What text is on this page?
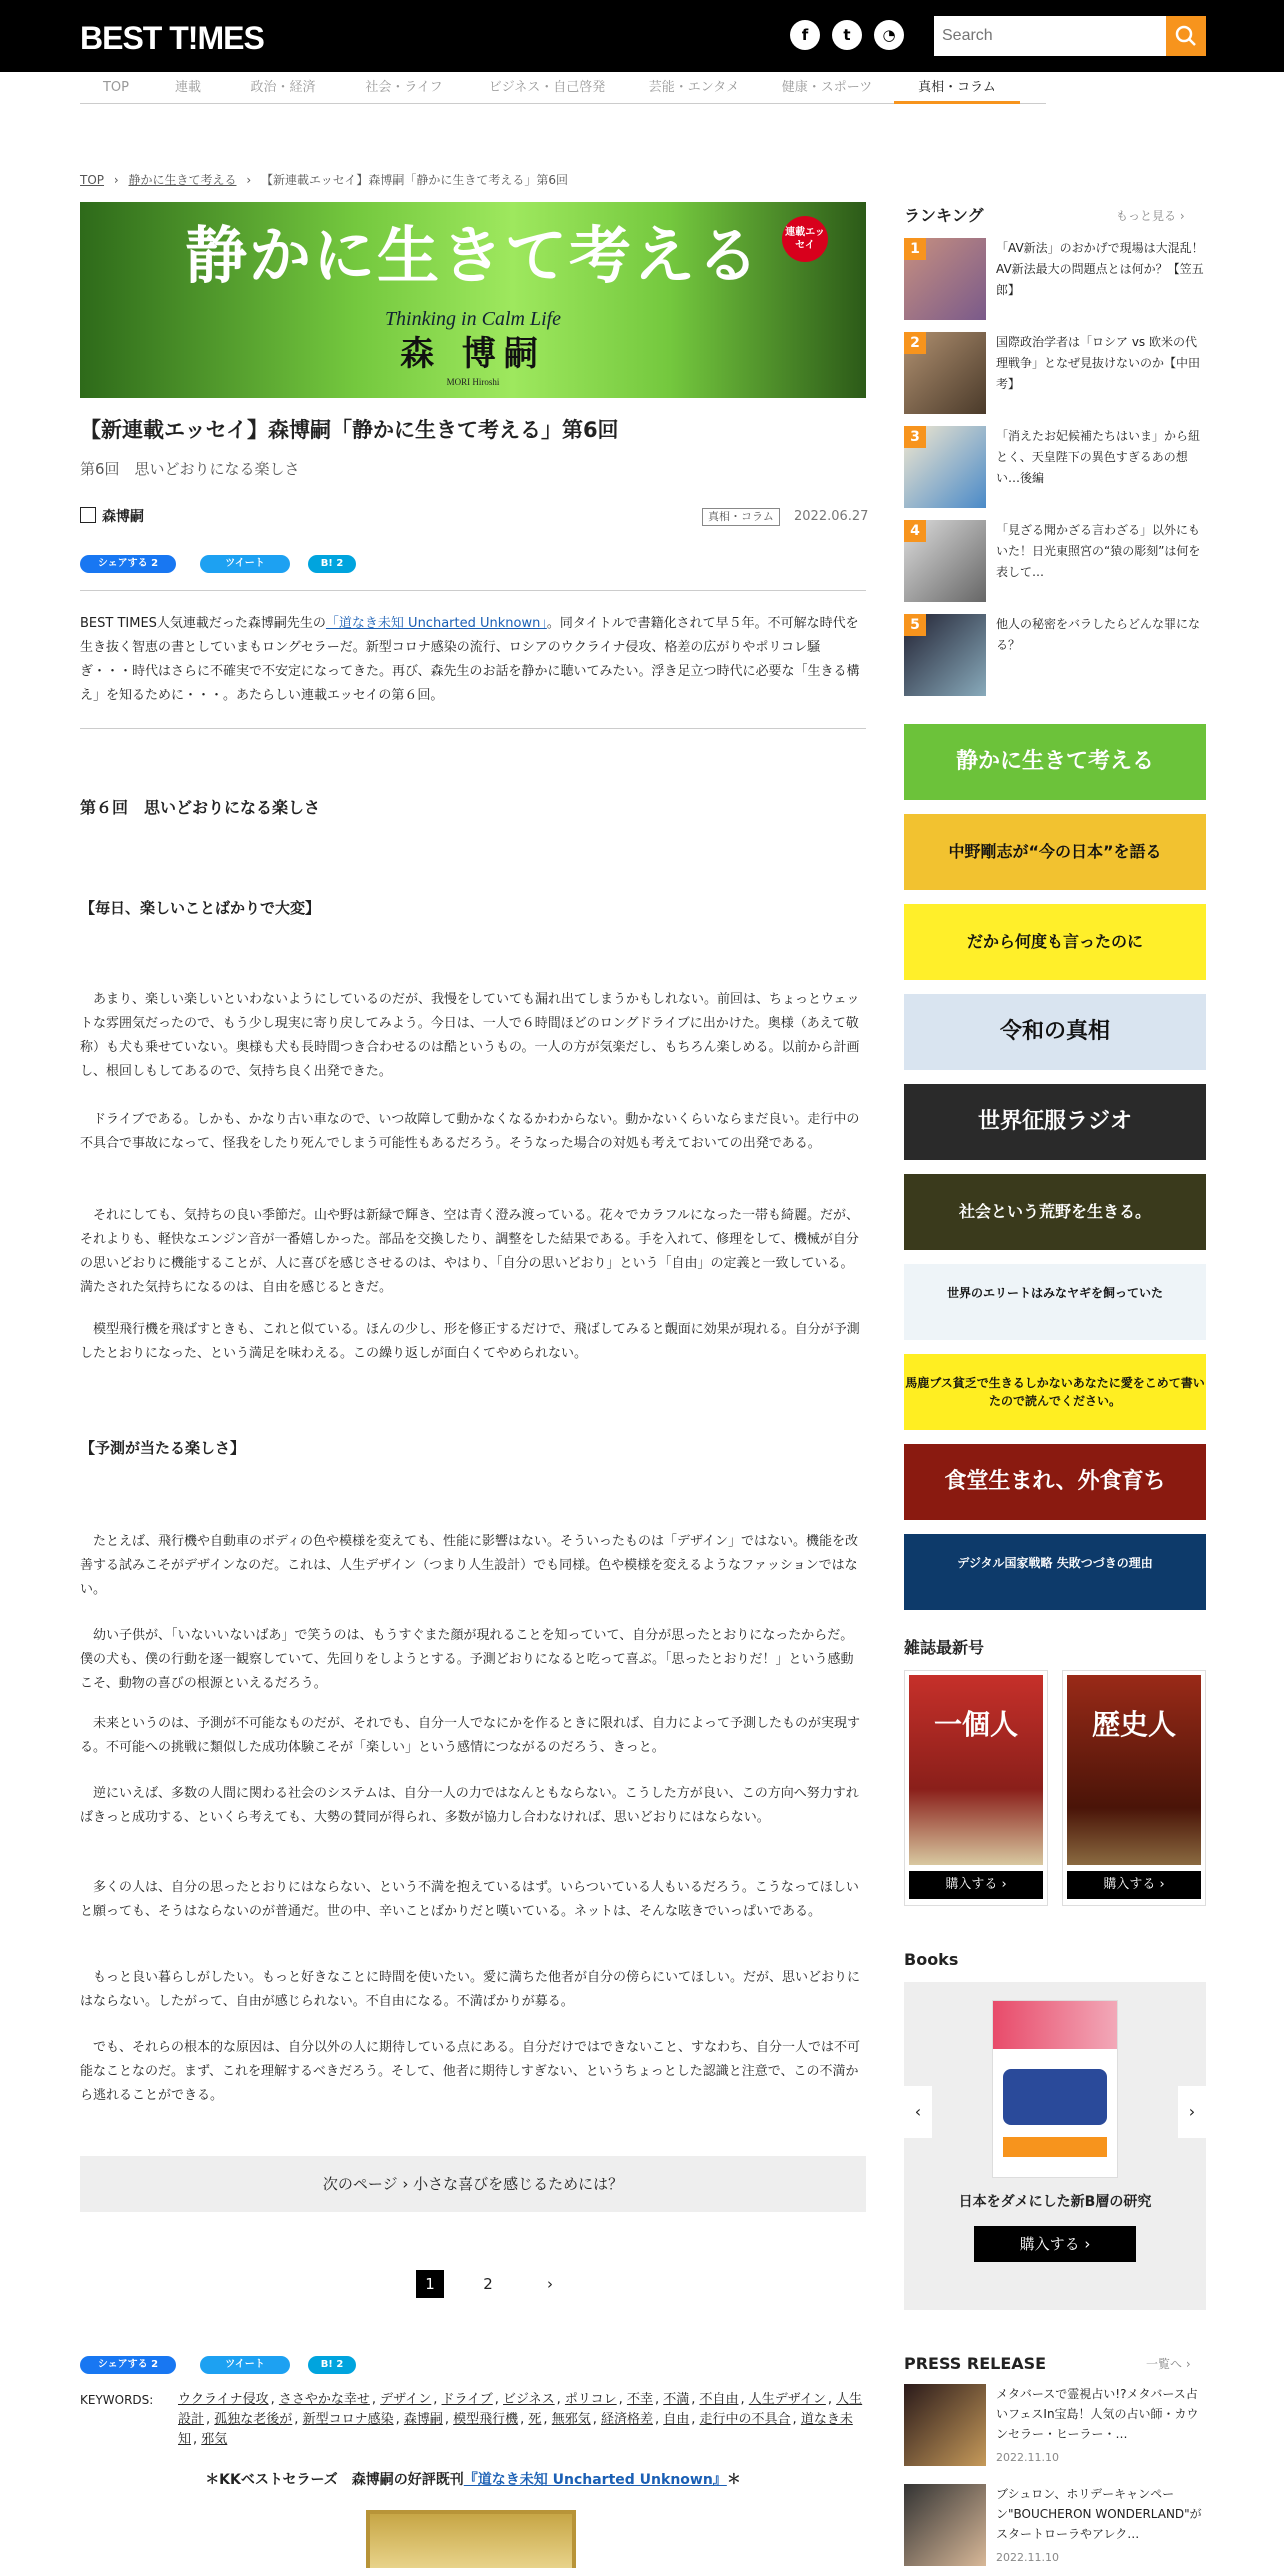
BEST T!MES	f	t	◔
Search
TOP	連載	政治・経済	社会・ライフ	ビジネス・自己啓発	芸能・エンタメ	健康・スポーツ	真相・コラム
TOP › 静かに生きて考える › 【新連載エッセイ】森博嗣「静かに生きて考える」第6回
静かに生きて考える
Thinking in Calm Life
森 博嗣
MORI Hiroshi
連載エッセイ
【新連載エッセイ】森博嗣「静かに生きて考える」第6回
第6回　思いどおりになる楽しさ
森博嗣	真相・コラム	2022.06.27
シェアする 2	ツイート	B! 2
BEST TIMES人気連載だった森博嗣先生の「道なき未知 Uncharted Unknown」。同タイトルで書籍化されて早５年。不可解な時代を生き抜く智恵の書としていまもロングセラーだ。新型コロナ感染の流行、ロシアのウクライナ侵攻、格差の広がりやポリコレ騒ぎ・・・時代はさらに不確実で不安定になってきた。再び、森先生のお話を静かに聴いてみたい。浮き足立つ時代に必要な「生きる構え」を知るために・・・。あたらしい連載エッセイの第６回。
第６回　思いどおりになる楽しさ
【毎日、楽しいことばかりで大変】
あまり、楽しい楽しいといわないようにしているのだが、我慢をしていても漏れ出てしまうかもしれない。前回は、ちょっとウェットな雰囲気だったので、もう少し現実に寄り戻してみよう。今日は、一人で６時間ほどのロングドライブに出かけた。奥様（あえて敬称）も犬も乗せていない。奥様も犬も長時間つき合わせるのは酷というもの。一人の方が気楽だし、もちろん楽しめる。以前から計画し、根回しもしてあるので、気持ち良く出発できた。
ドライブである。しかも、かなり古い車なので、いつ故障して動かなくなるかわからない。動かないくらいならまだ良い。走行中の不具合で事故になって、怪我をしたり死んでしまう可能性もあるだろう。そうなった場合の対処も考えておいての出発である。
それにしても、気持ちの良い季節だ。山や野は新緑で輝き、空は青く澄み渡っている。花々でカラフルになった一帯も綺麗。だが、それよりも、軽快なエンジン音が一番嬉しかった。部品を交換したり、調整をした結果である。手を入れて、修理をして、機械が自分の思いどおりに機能することが、人に喜びを感じさせるのは、やはり、「自分の思いどおり」という「自由」の定義と一致している。満たされた気持ちになるのは、自由を感じるときだ。
模型飛行機を飛ばすときも、これと似ている。ほんの少し、形を修正するだけで、飛ばしてみると覿面に効果が現れる。自分が予測したとおりになった、という満足を味わえる。この繰り返しが面白くてやめられない。
【予測が当たる楽しさ】
たとえば、飛行機や自動車のボディの色や模様を変えても、性能に影響はない。そういったものは「デザイン」ではない。機能を改善する試みこそがデザインなのだ。これは、人生デザイン（つまり人生設計）でも同様。色や模様を変えるようなファッションではない。
幼い子供が、「いないいないばあ」で笑うのは、もうすぐまた顔が現れることを知っていて、自分が思ったとおりになったからだ。僕の犬も、僕の行動を逐一観察していて、先回りをしようとする。予測どおりになると吃って喜ぶ。「思ったとおりだ！」という感動こそ、動物の喜びの根源といえるだろう。
未来というのは、予測が不可能なものだが、それでも、自分一人でなにかを作るときに限れば、自力によって予測したものが実現する。不可能への挑戦に類似した成功体験こそが「楽しい」という感情につながるのだろう、きっと。
逆にいえば、多数の人間に関わる社会のシステムは、自分一人の力ではなんともならない。こうした方が良い、この方向へ努力すればきっと成功する、といくら考えても、大勢の賛同が得られ、多数が協力し合わなければ、思いどおりにはならない。
多くの人は、自分の思ったとおりにはならない、という不満を抱えているはず。いらついている人もいるだろう。こうなってほしいと願っても、そうはならないのが普通だ。世の中、辛いことばかりだと嘆いている。ネットは、そんな呟きでいっぱいである。
もっと良い暮らしがしたい。もっと好きなことに時間を使いたい。愛に満ちた他者が自分の傍らにいてほしい。だが、思いどおりにはならない。したがって、自由が感じられない。不自由になる。不満ばかりが募る。
でも、それらの根本的な原因は、自分以外の人に期待している点にある。自分だけではできないこと、すなわち、自分一人では不可能なことなのだ。まず、これを理解するべきだろう。そして、他者に期待しすぎない、というちょっとした認識と注意で、この不満から逃れることができる。
次のページ › 小さな喜びを感じるためには？
1	2	›
シェアする 2	ツイート	B! 2
KEYWORDS: ウクライナ侵攻 , ささやかな幸せ , デザイン , ドライブ , ビジネス , ポリコレ , 不幸 , 不満 , 不自由 , 人生デザイン , 人生設計 , 孤独な老後が , 新型コロナ感染 , 森博嗣 , 模型飛行機 , 死 , 無邪気 , 経済格差 , 自由 , 走行中の不具合 , 道なき未知 , 邪気
＊KKベストセラーズ　森博嗣の好評既刊『道なき未知 Uncharted Unknown』＊
ランキング	もっと見る ›
1	「AV新法」のおかげで現場は大混乱！ AV新法最大の問題点とは何か？【笠五郎】
2	国際政治学者は「ロシア vs 欧米の代理戦争」となぜ見抜けないのか【中田考】
3	「消えたお妃候補たちはいま」から紐とく、天皇陛下の異色すぎるあの想い…後編
4	「見ざる聞かざる言わざる」以外にもいた！日光東照宮の“猿の彫刻”は何を表して…
5	他人の秘密をバラしたらどんな罪になる？
静かに生きて考える
中野剛志が“今の日本”を語る
だから何度も言ったのに
令和の真相
世界征服ラジオ
社会という荒野を生きる。
世界のエリートはみなヤギを飼っていた
馬鹿ブス貧乏で生きるしかないあなたに愛をこめて書いたので読んでください。
食堂生まれ、外食育ち
デジタル国家戦略 失敗つづきの理由
雑誌最新号
一個人
購入する ›
歴史人
購入する ›
Books
‹	›
日本をダメにした新B層の研究
購入する ›
PRESS RELEASE	一覧へ ›
メタバースで霊視占い!?メタバース占いフェスIn宝島！人気の占い師・カウンセラー・ヒーラー・…
2022.11.10
ブシュロン、ホリデーキャンペーン"BOUCHERON WONDERLAND"がスタートローラやアレク…
2022.11.10
